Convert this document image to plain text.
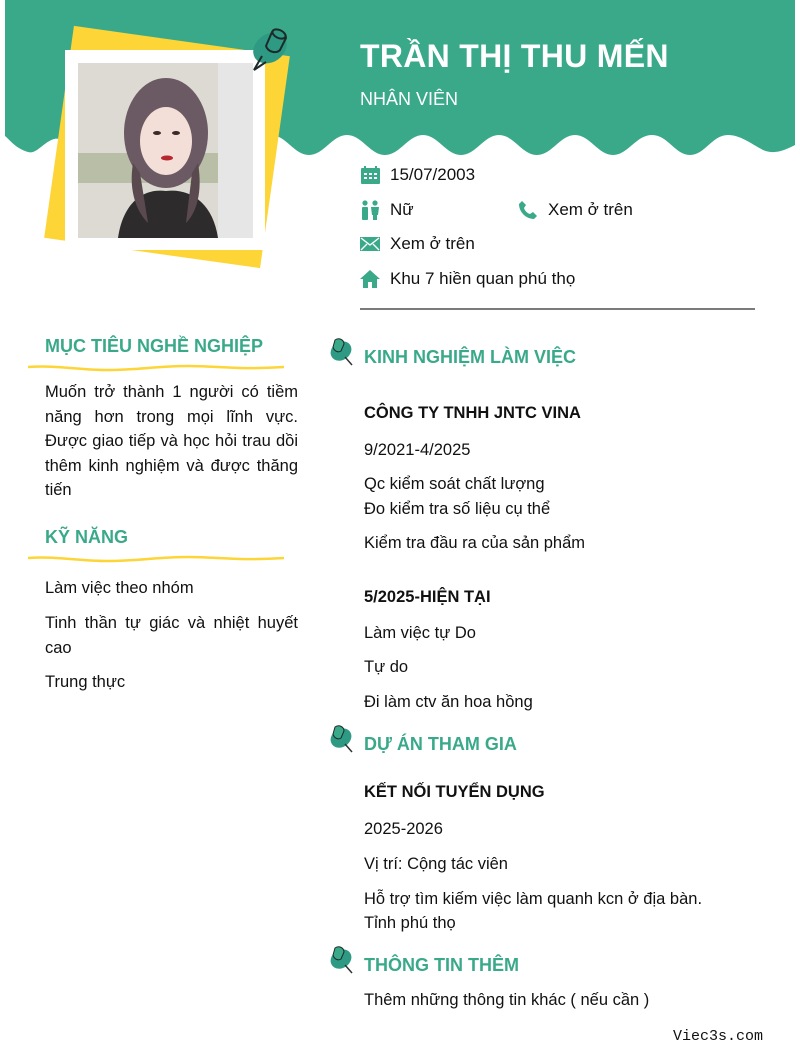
TRẦN THỊ THU MẾN
NHÂN VIÊN
15/07/2003
Nữ	Xem ở trên
Xem ở trên
Khu 7 hiền quan phú thọ
MỤC TIÊU NGHỀ NGHIỆP
Muốn trở thành 1 người có tiềm năng hơn trong mọi lĩnh vực. Được giao tiếp và học hỏi trau dồi thêm kinh nghiệm và được thăng tiến
KỸ NĂNG
Làm việc theo nhóm
Tinh thần tự giác và nhiệt huyết cao
Trung thực
KINH NGHIỆM LÀM VIỆC
CÔNG TY TNHH JNTC VINA
9/2021-4/2025
Qc kiểm soát chất lượng
Đo kiểm tra số liệu cụ thể
Kiểm tra đầu ra của sản phẩm
5/2025-HIỆN TẠI
Làm việc tự Do
Tự do
Đi làm ctv ăn hoa hồng
DỰ ÁN THAM GIA
KẾT NỐI TUYỂN DỤNG
2025-2026
Vị trí: Cộng tác viên
Hỗ trợ tìm kiếm việc làm quanh kcn ở địa bàn.
Tỉnh phú thọ
THÔNG TIN THÊM
Thêm những thông tin khác ( nếu cần )
Viec3s.com
